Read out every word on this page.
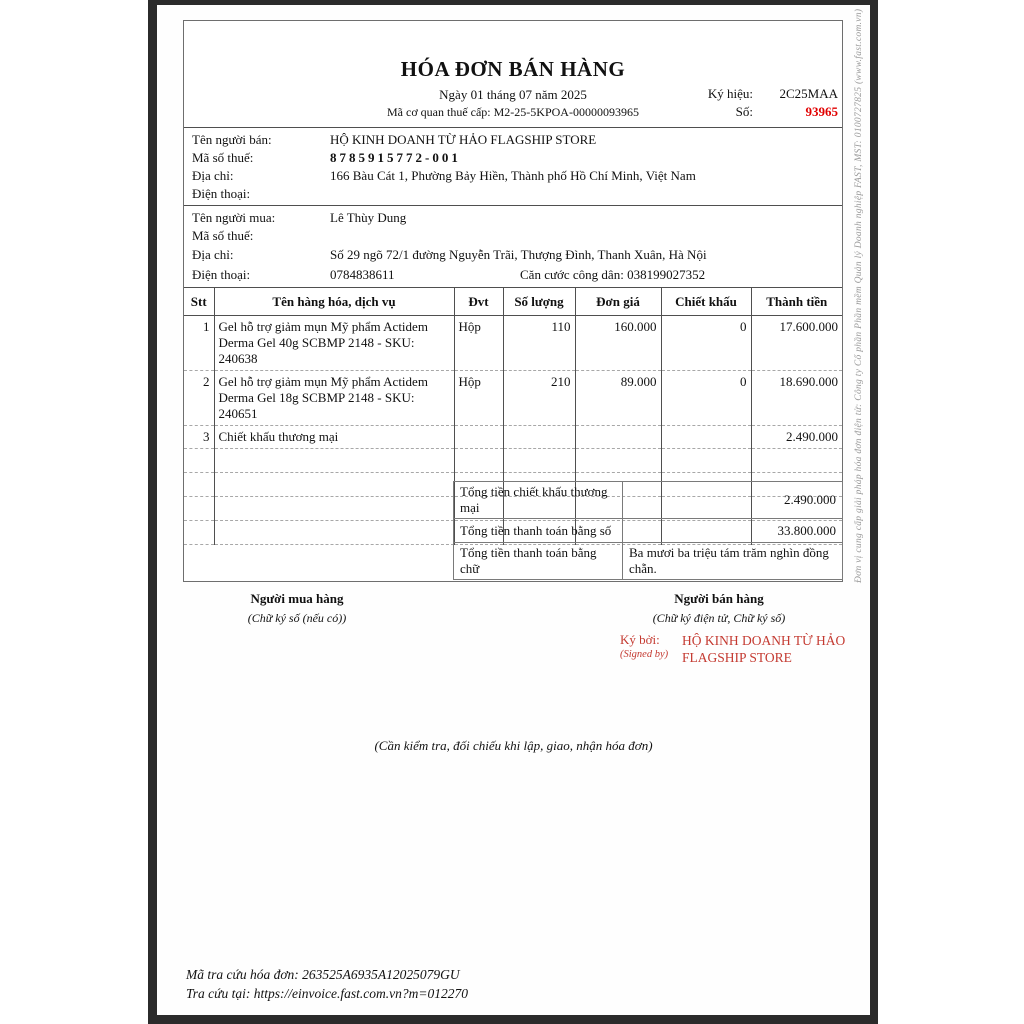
HÓA ĐƠN BÁN HÀNG
Ngày 01 tháng 07 năm 2025
Mã cơ quan thuế cấp: M2-25-5KPOA-00000093965
Ký hiệu:	2C25MAA
Số:	93965
Tên người bán:	HỘ KINH DOANH TỪ HẢO FLAGSHIP STORE
Mã số thuế:	8785915772-001
Địa chỉ:	166 Bàu Cát 1, Phường Bảy Hiền, Thành phố Hồ Chí Minh, Việt Nam
Điện thoại:
Tên người mua:	Lê Thùy Dung
Mã số thuế:
Địa chỉ:	Số 29 ngõ 72/1 đường Nguyễn Trãi, Thượng Đình, Thanh Xuân, Hà Nội
Điện thoại:	0784838611	Căn cước công dân: 038199027352
Stt	Tên hàng hóa, dịch vụ	Đvt	Số lượng	Đơn giá	Chiết khấu	Thành tiền
1	Gel hỗ trợ giảm mụn Mỹ phẩm Actidem Derma Gel 40g SCBMP 2148 - SKU: 240638	Hộp	110	160.000	0	17.600.000
2	Gel hỗ trợ giảm mụn Mỹ phẩm Actidem Derma Gel 18g SCBMP 2148 - SKU: 240651	Hộp	210	89.000	0	18.690.000
3	Chiết khấu thương mại					2.490.000

Tổng tiền chiết khấu thương mại	2.490.000
Tổng tiền thanh toán bằng số	33.800.000
Tổng tiền thanh toán bằng chữ	Ba mươi ba triệu tám trăm nghìn đồng chẵn.
Người mua hàng
(Chữ ký số (nếu có))
Người bán hàng
(Chữ ký điện tử, Chữ ký số)
Ký bởi:
(Signed by)
HỘ KINH DOANH TỪ HẢO
FLAGSHIP STORE
(Cần kiểm tra, đối chiếu khi lập, giao, nhận hóa đơn)
Mã tra cứu hóa đơn: 263525A6935A12025079GU
Tra cứu tại: https://einvoice.fast.com.vn?m=012270
Đơn vị cung cấp giải pháp hóa đơn điện tử: Công ty Cổ phần Phần mềm Quản lý Doanh nghiệp FAST, MST: 0100727825 (www.fast.com.vn)
